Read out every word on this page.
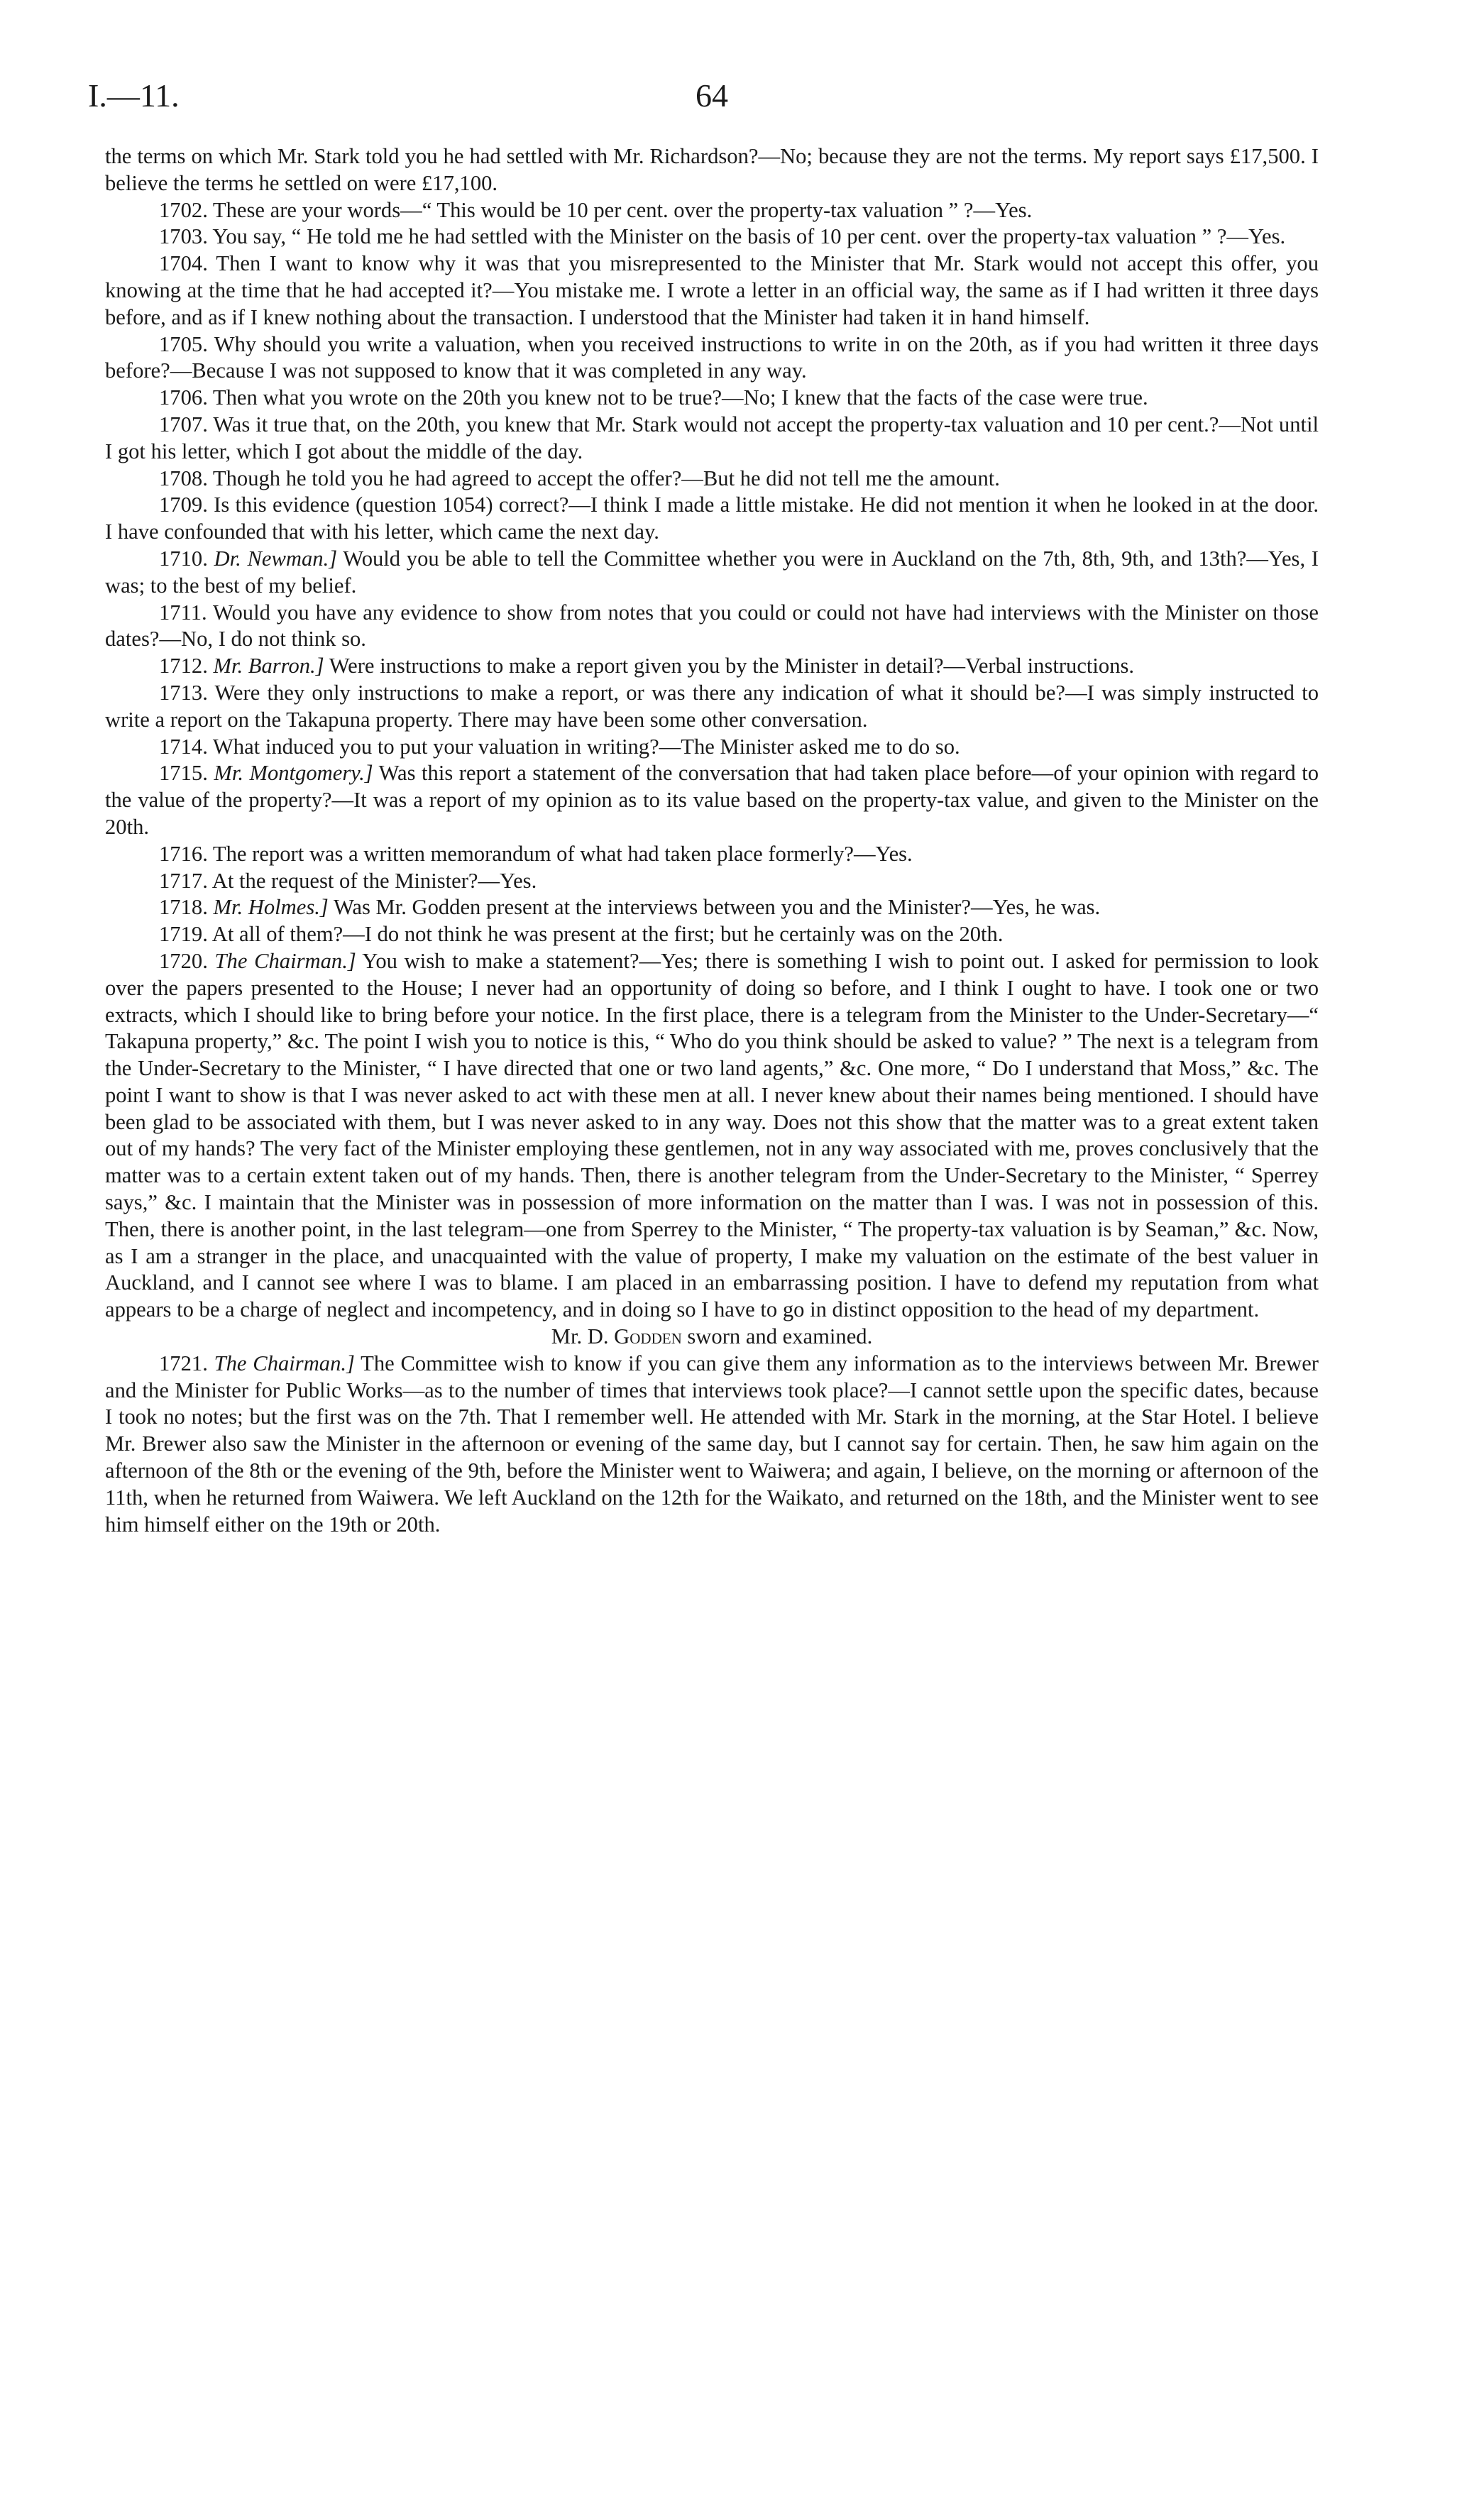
I.—11.	64

the terms on which Mr. Stark told you he had settled with Mr. Richardson?—No; because they are not the terms. My report says £17,500. I believe the terms he settled on were £17,100.

1702. These are your words—“ This would be 10 per cent. over the property-tax valuation ” ?—Yes.

1703. You say, “ He told me he had settled with the Minister on the basis of 10 per cent. over the property-tax valuation ” ?—Yes.

1704. Then I want to know why it was that you misrepresented to the Minister that Mr. Stark would not accept this offer, you knowing at the time that he had accepted it?—You mistake me. I wrote a letter in an official way, the same as if I had written it three days before, and as if I knew nothing about the transaction. I understood that the Minister had taken it in hand himself.

1705. Why should you write a valuation, when you received instructions to write in on the 20th, as if you had written it three days before?—Because I was not supposed to know that it was completed in any way.

1706. Then what you wrote on the 20th you knew not to be true?—No; I knew that the facts of the case were true.

1707. Was it true that, on the 20th, you knew that Mr. Stark would not accept the property-tax valuation and 10 per cent.?—Not until I got his letter, which I got about the middle of the day.

1708. Though he told you he had agreed to accept the offer?—But he did not tell me the amount.

1709. Is this evidence (question 1054) correct?—I think I made a little mistake. He did not mention it when he looked in at the door. I have confounded that with his letter, which came the next day.

1710. Dr. Newman.] Would you be able to tell the Committee whether you were in Auckland on the 7th, 8th, 9th, and 13th?—Yes, I was; to the best of my belief.

1711. Would you have any evidence to show from notes that you could or could not have had interviews with the Minister on those dates?—No, I do not think so.

1712. Mr. Barron.] Were instructions to make a report given you by the Minister in detail?—Verbal instructions.

1713. Were they only instructions to make a report, or was there any indication of what it should be?—I was simply instructed to write a report on the Takapuna property. There may have been some other conversation.

1714. What induced you to put your valuation in writing?—The Minister asked me to do so.

1715. Mr. Montgomery.] Was this report a statement of the conversation that had taken place before—of your opinion with regard to the value of the property?—It was a report of my opinion as to its value based on the property-tax value, and given to the Minister on the 20th.

1716. The report was a written memorandum of what had taken place formerly?—Yes.

1717. At the request of the Minister?—Yes.

1718. Mr. Holmes.] Was Mr. Godden present at the interviews between you and the Minister?—Yes, he was.

1719. At all of them?—I do not think he was present at the first; but he certainly was on the 20th.

1720. The Chairman.] You wish to make a statement?—Yes; there is something I wish to point out. I asked for permission to look over the papers presented to the House; I never had an opportunity of doing so before, and I think I ought to have. I took one or two extracts, which I should like to bring before your notice. In the first place, there is a telegram from the Minister to the Under-Secretary—“ Takapuna property,” &c. The point I wish you to notice is this, “ Who do you think should be asked to value? ” The next is a telegram from the Under-Secretary to the Minister, “ I have directed that one or two land agents,” &c. One more, “ Do I understand that Moss,” &c. The point I want to show is that I was never asked to act with these men at all. I never knew about their names being mentioned. I should have been glad to be associated with them, but I was never asked to in any way. Does not this show that the matter was to a great extent taken out of my hands? The very fact of the Minister employing these gentlemen, not in any way associated with me, proves conclusively that the matter was to a certain extent taken out of my hands. Then, there is another telegram from the Under-Secretary to the Minister, “ Sperrey says,” &c. I maintain that the Minister was in possession of more information on the matter than I was. I was not in possession of this. Then, there is another point, in the last telegram—one from Sperrey to the Minister, “ The property-tax valuation is by Seaman,” &c. Now, as I am a stranger in the place, and unacquainted with the value of property, I make my valuation on the estimate of the best valuer in Auckland, and I cannot see where I was to blame. I am placed in an embarrassing position. I have to defend my reputation from what appears to be a charge of neglect and incompetency, and in doing so I have to go in distinct opposition to the head of my department.

Mr. D. Godden sworn and examined.

1721. The Chairman.] The Committee wish to know if you can give them any information as to the interviews between Mr. Brewer and the Minister for Public Works—as to the number of times that interviews took place?—I cannot settle upon the specific dates, because I took no notes; but the first was on the 7th. That I remember well. He attended with Mr. Stark in the morning, at the Star Hotel. I believe Mr. Brewer also saw the Minister in the afternoon or evening of the same day, but I cannot say for certain. Then, he saw him again on the afternoon of the 8th or the evening of the 9th, before the Minister went to Waiwera; and again, I believe, on the morning or afternoon of the 11th, when he returned from Waiwera. We left Auckland on the 12th for the Waikato, and returned on the 18th, and the Minister went to see him himself either on the 19th or 20th.
